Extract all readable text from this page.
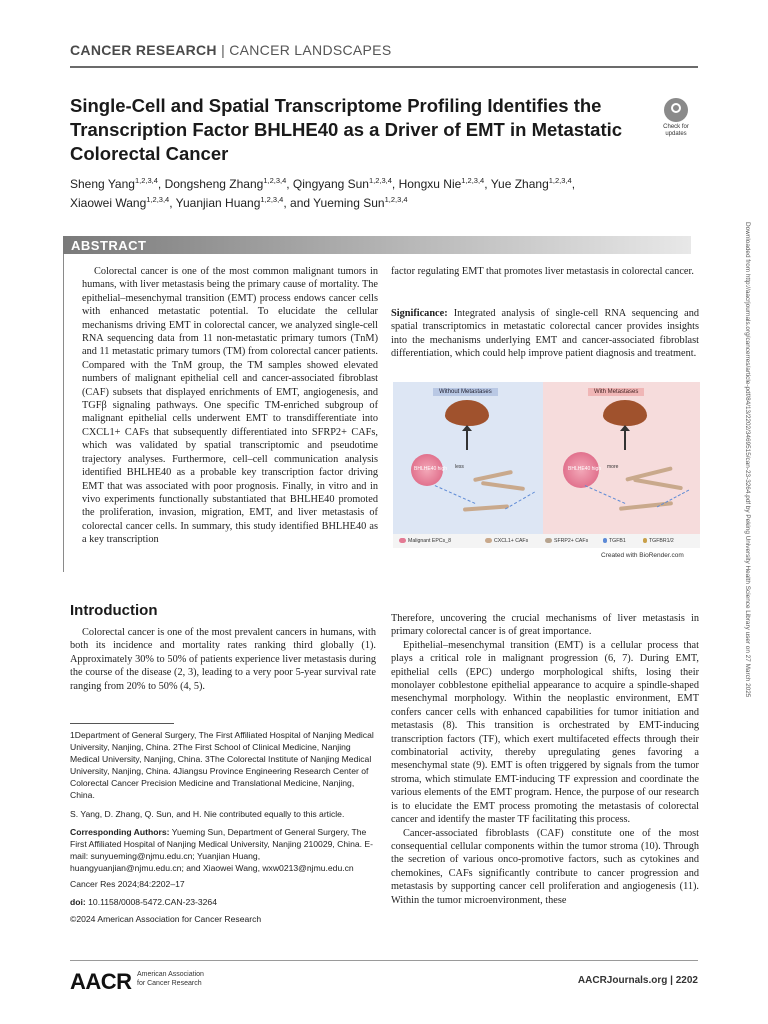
CANCER RESEARCH | CANCER LANDSCAPES
Single-Cell and Spatial Transcriptome Profiling Identifies the Transcription Factor BHLHE40 as a Driver of EMT in Metastatic Colorectal Cancer
Check for
updates
Sheng Yang$^{1,2,3,4}$, Dongsheng Zhang$^{1,2,3,4}$, Qingyang Sun$^{1,2,3,4}$, Hongxu Nie$^{1,2,3,4}$, Yue Zhang$^{1,2,3,4}$,
Xiaowei Wang$^{1,2,3,4}$, Yuanjian Huang$^{1,2,3,4}$, and Yueming Sun$^{1,2,3,4}$
ABSTRACT
Colorectal cancer is one of the most common malignant tumors in humans, with liver metastasis being the primary cause of mortality. The epithelial–mesenchymal transition (EMT) process endows cancer cells with enhanced metastatic potential. To elucidate the cellular mechanisms driving EMT in colorectal cancer, we analyzed single-cell RNA sequencing data from 11 non-metastatic primary tumors (TnM) and 11 metastatic primary tumors (TM) from colorectal cancer patients. Compared with the TnM group, the TM samples showed elevated numbers of malignant epithelial cell and cancer-associated fibroblast (CAF) subsets that displayed enrichments of EMT, angiogenesis, and TGFβ signaling pathways. One specific TM-enriched subgroup of malignant epithelial cells underwent EMT to transdifferentiate into CXCL1+ CAFs that subsequently differentiated into SFRP2+ CAFs, which was validated by spatial transcriptomic and pseudotime trajectory analyses. Furthermore, cell–cell communication analysis identified BHLHE40 as a probable key transcription factor driving EMT that was associated with poor prognosis. Finally, in vitro and in vivo experiments functionally substantiated that BHLHE40 promoted the proliferation, invasion, migration, EMT, and liver metastasis of colorectal cancer cells. In summary, this study identified BHLHE40 as a key transcription
factor regulating EMT that promotes liver metastasis in colorectal cancer.
Significance: Integrated analysis of single-cell RNA sequencing and spatial transcriptomics in metastatic colorectal cancer provides insights into the mechanisms underlying EMT and cancer-associated fibroblast differentiation, which could help improve patient diagnosis and treatment.
Without Metastases	With Metastases
BHLHE40 high	BHLHE40 high
less	more
Malignant EPCs_8	CXCL1+ CAFs	SFRP2+ CAFs	TGFB1	TGFBR1/2
Created with BioRender.com
Introduction
Colorectal cancer is one of the most prevalent cancers in humans, with both its incidence and mortality rates ranking third globally (1). Approximately 30% to 50% of patients experience liver metastasis during the course of the disease (2, 3), leading to a very poor 5-year survival rate ranging from 20% to 50% (4, 5).
1Department of General Surgery, The First Affiliated Hospital of Nanjing Medical University, Nanjing, China. 2The First School of Clinical Medicine, Nanjing Medical University, Nanjing, China. 3The Colorectal Institute of Nanjing Medical University, Nanjing, China. 4Jiangsu Province Engineering Research Center of Colorectal Cancer Precision Medicine and Translational Medicine, Nanjing, China.
S. Yang, D. Zhang, Q. Sun, and H. Nie contributed equally to this article.
Corresponding Authors: Yueming Sun, Department of General Surgery, The First Affiliated Hospital of Nanjing Medical University, Nanjing 210029, China. E-mail: sunyueming@njmu.edu.cn; Yuanjian Huang, huangyuanjian@njmu.edu.cn; and Xiaowei Wang, wxw0213@njmu.edu.cn
Cancer Res 2024;84:2202–17
doi: 10.1158/0008-5472.CAN-23-3264
©2024 American Association for Cancer Research

Therefore, uncovering the crucial mechanisms of liver metastasis in primary colorectal cancer is of great importance.

Epithelial–mesenchymal transition (EMT) is a cellular process that plays a critical role in malignant progression (6, 7). During EMT, epithelial cells (EPC) undergo morphological shifts, losing their monolayer cobblestone epithelial appearance to acquire a spindle-shaped mesenchymal morphology. Within the neoplastic environment, EMT confers cancer cells with enhanced capabilities for tumor initiation and metastasis (8). This transition is orchestrated by EMT-inducing transcription factors (TF), which exert multifaceted effects through their combinatorial activity, thereby upregulating genes favoring a mesenchymal state (9). EMT is often triggered by signals from the tumor stroma, which stimulate EMT-inducing TF expression and coordinate the various elements of the EMT program. Hence, the purpose of our research is to elucidate the EMT process promoting the metastasis of colorectal cancer and identify the master TF facilitating this process.

Cancer-associated fibroblasts (CAF) constitute one of the most consequential cellular components within the tumor stroma (10). Through the secretion of various onco-promotive factors, such as cytokines and chemokines, CAFs significantly contribute to cancer progression and metastasis by supporting cancer cell proliferation and angiogenesis (11). Within the tumor microenvironment, these

Downloaded from http://aacrjournals.org/cancerres/article-pdf/84/13/2202/3469515/can-23-3264.pdf by Peking University Health Science Library user on 27 March 2025
AACR American Association
for Cancer Research	AACRJournals.org | 2202
